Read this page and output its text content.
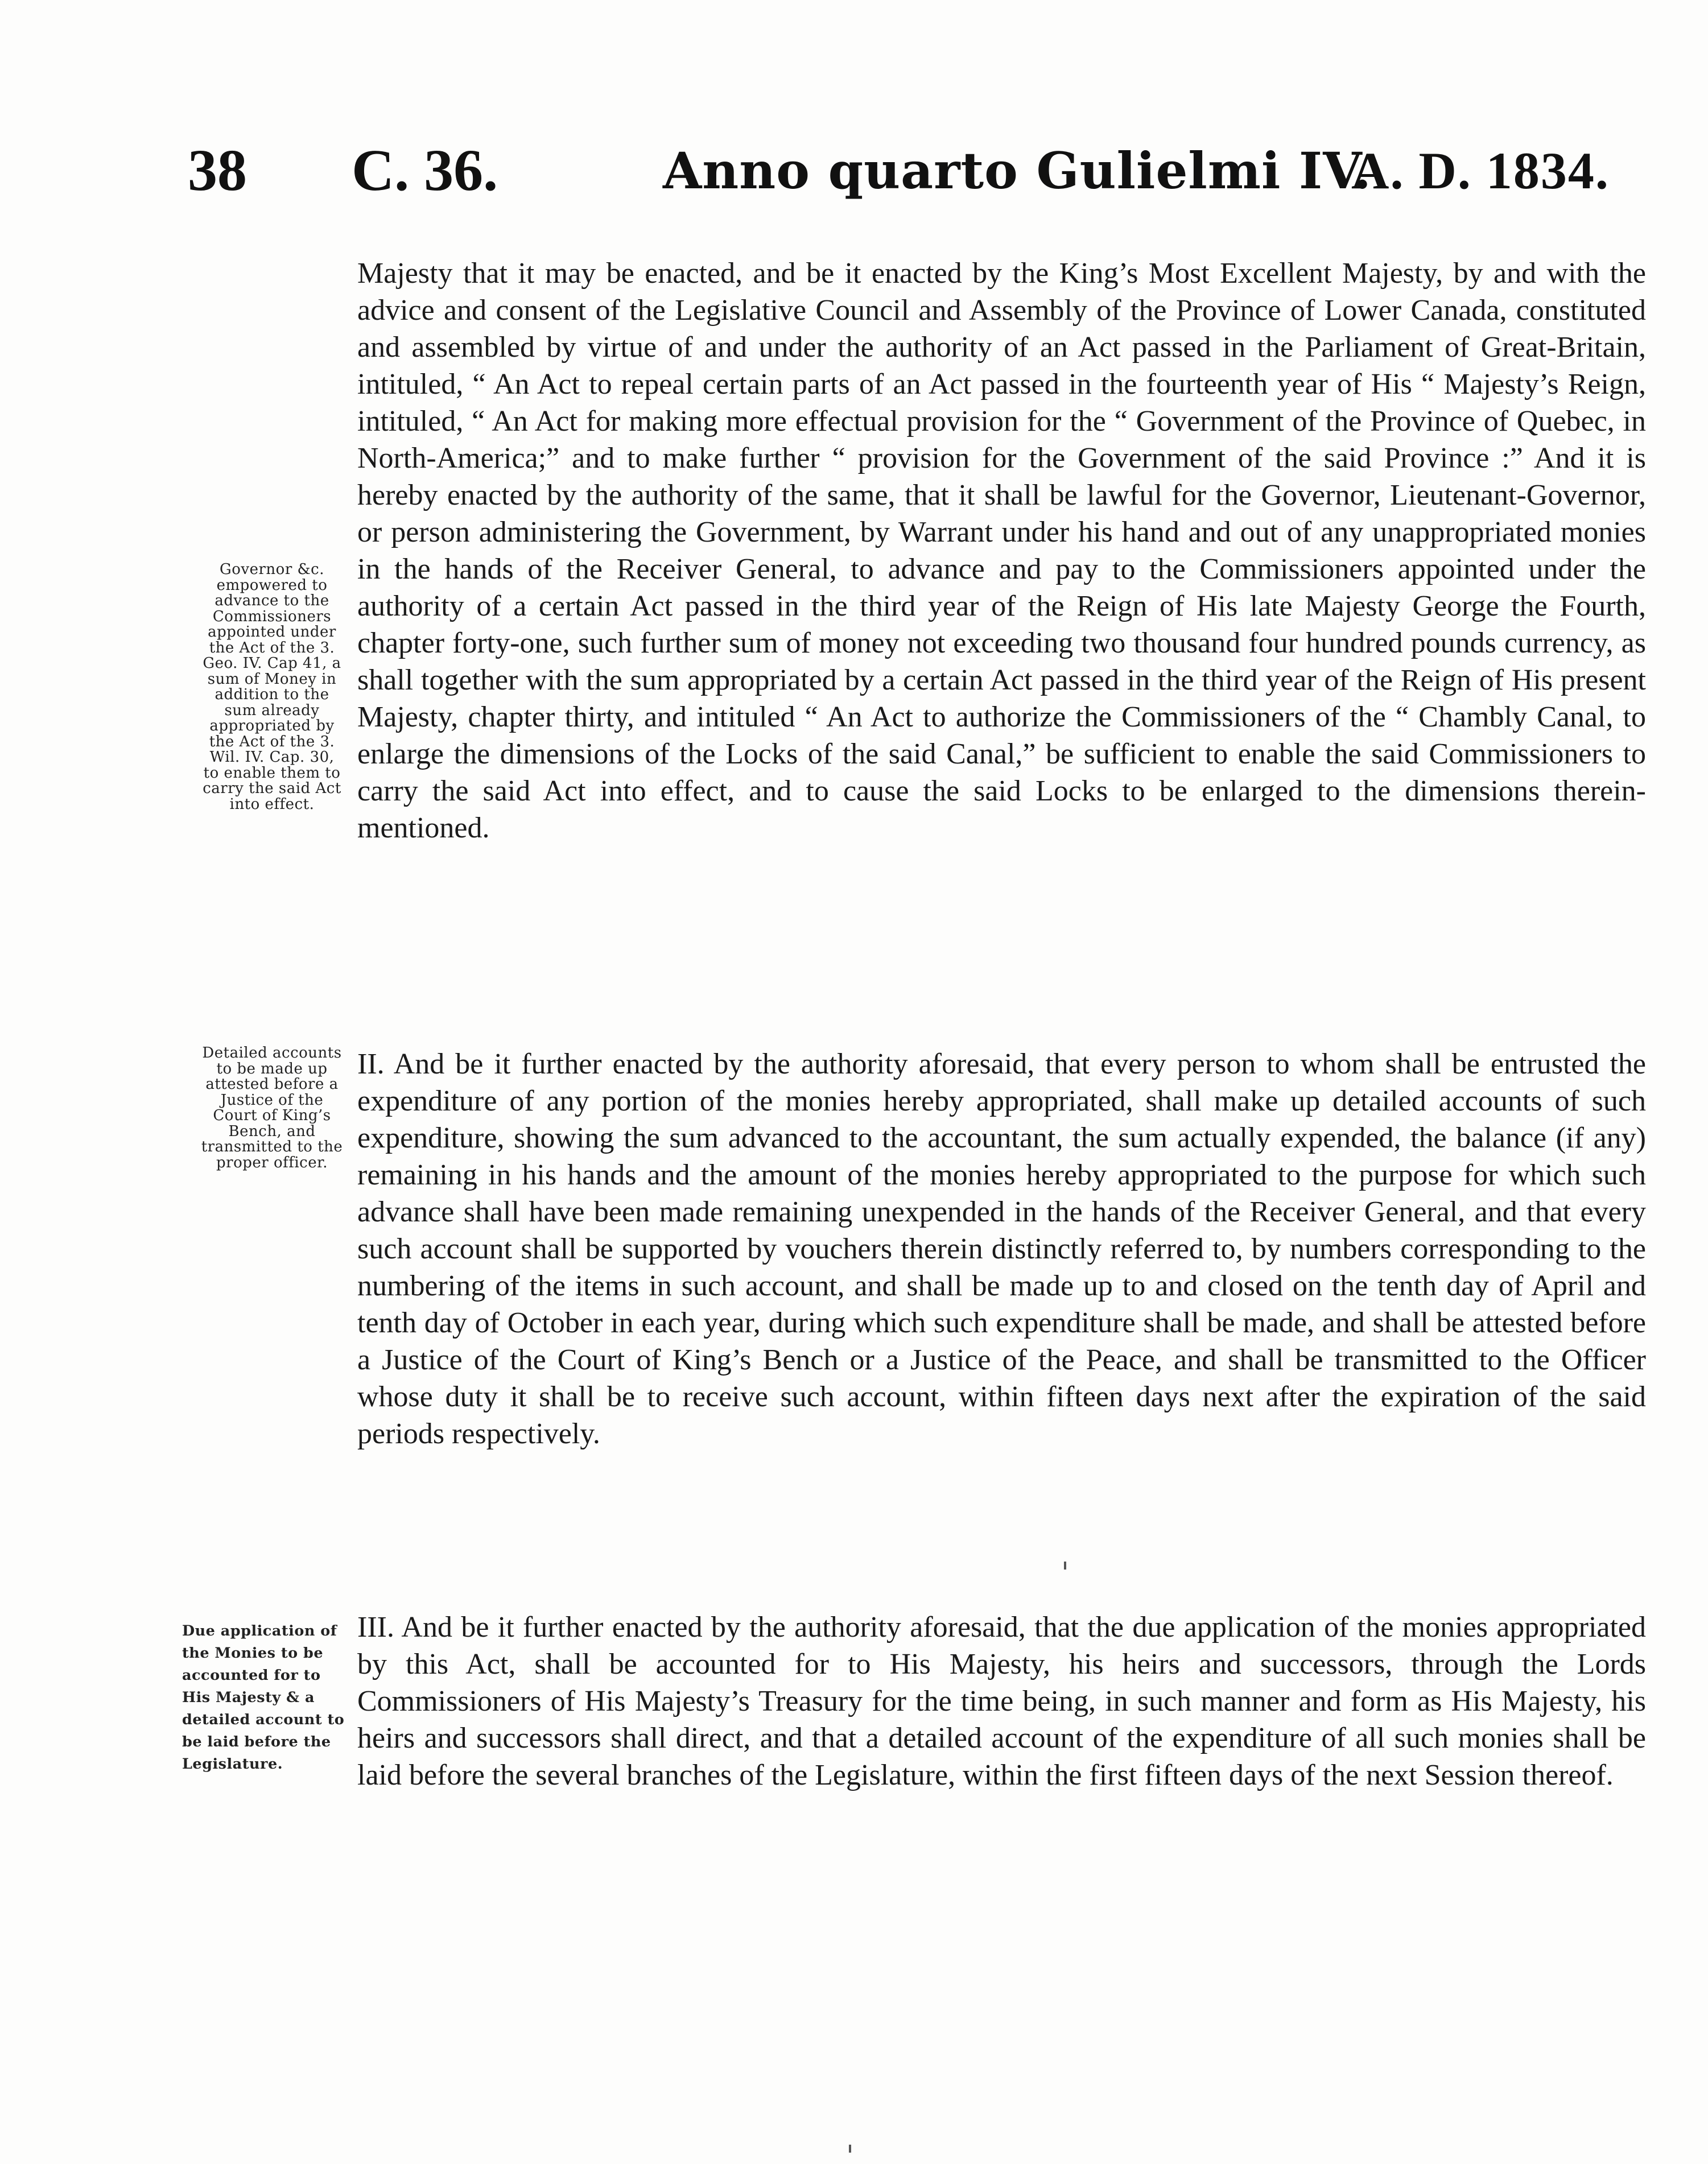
38 C. 36.	Anno quarto Gulielmi IV.
A. D. 1834.
Governor &c. empowered to advance to the Commissioners appointed under the Act of the 3. Geo. IV. Cap 41, a sum of Money in addition to the sum already appropriated by the Act of the 3. Wil. IV. Cap. 30, to enable them to carry the said Act into effect.
Majesty that it may be enacted, and be it enacted by the King’s Most Excellent Majesty, by and with the advice and consent of the Legislative Council and Assembly of the Province of Lower Canada, constituted and assembled by virtue of and under the authority of an Act passed in the Parliament of Great-Britain, intituled, “ An Act to repeal certain parts of an Act passed in the fourteenth year of His “ Majesty’s Reign, intituled, “ An Act for making more effectual provision for the “ Government of the Province of Quebec, in North-America;” and to make further “ provision for the Government of the said Province :” And it is hereby enacted by the authority of the same, that it shall be lawful for the Governor, Lieutenant-Governor, or person administering the Government, by Warrant under his hand and out of any unappropriated monies in the hands of the Receiver General, to advance and pay to the Commissioners appointed under the authority of a certain Act passed in the third year of the Reign of His late Majesty George the Fourth, chapter forty-one, such further sum of money not exceeding two thousand four hundred pounds currency, as shall together with the sum appropriated by a certain Act passed in the third year of the Reign of His present Majesty, chapter thirty, and intituled “ An Act to authorize the Commissioners of the “ Chambly Canal, to enlarge the dimensions of the Locks of the said Canal,” be sufficient to enable the said Commissioners to carry the said Act into effect, and to cause the said Locks to be enlarged to the dimensions therein-mentioned.
Detailed accounts to be made up attested before a Justice of the Court of King’s Bench, and transmitted to the proper officer.
II. And be it further enacted by the authority aforesaid, that every person to whom shall be entrusted the expenditure of any portion of the monies hereby appropriated, shall make up detailed accounts of such expenditure, showing the sum advanced to the accountant, the sum actually expended, the balance (if any) remaining in his hands and the amount of the monies hereby appropriated to the purpose for which such advance shall have been made remaining unexpended in the hands of the Receiver General, and that every such account shall be supported by vouchers therein distinctly referred to, by numbers corresponding to the numbering of the items in such account, and shall be made up to and closed on the tenth day of April and tenth day of October in each year, during which such expenditure shall be made, and shall be attested before a Justice of the Court of King’s Bench or a Justice of the Peace, and shall be transmitted to the Officer whose duty it shall be to receive such account, within fifteen days next after the expiration of the said periods respectively.
Due application of the Monies to be accounted for to His Majesty & a detailed account to be laid before the Legislature.
III. And be it further enacted by the authority aforesaid, that the due application of the monies appropriated by this Act, shall be accounted for to His Majesty, his heirs and successors, through the Lords Commissioners of His Majesty’s Treasury for the time being, in such manner and form as His Majesty, his heirs and successors shall direct, and that a detailed account of the expenditure of all such monies shall be laid before the several branches of the Legislature, within the first fifteen days of the next Session thereof.
